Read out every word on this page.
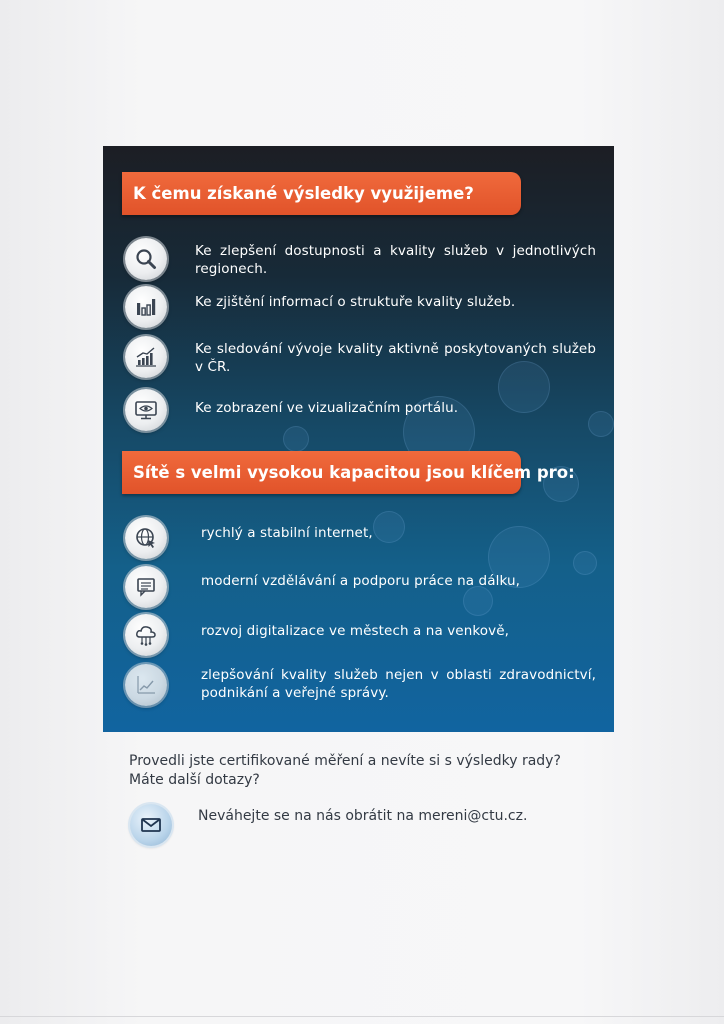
K čemu získané výsledky využijeme?
Ke zlepšení dostupnosti a kvality služeb v jednotlivých regionech.
Ke zjištění informací o struktuře kvality služeb.
Ke sledování vývoje kvality aktivně poskytovaných služeb v ČR.
Ke zobrazení ve vizualizačním portálu.
Sítě s velmi vysokou kapacitou jsou klíčem pro:
rychlý a stabilní internet,
moderní vzdělávání a podporu práce na dálku,
rozvoj digitalizace ve městech a na venkově,
zlepšování kvality služeb nejen v oblasti zdravodnictví, podnikání a veřejné správy.
Provedli jste certifikované měření a nevíte si s výsledky rady? Máte další dotazy?
Neváhejte se na nás obrátit na mereni@ctu.cz.
